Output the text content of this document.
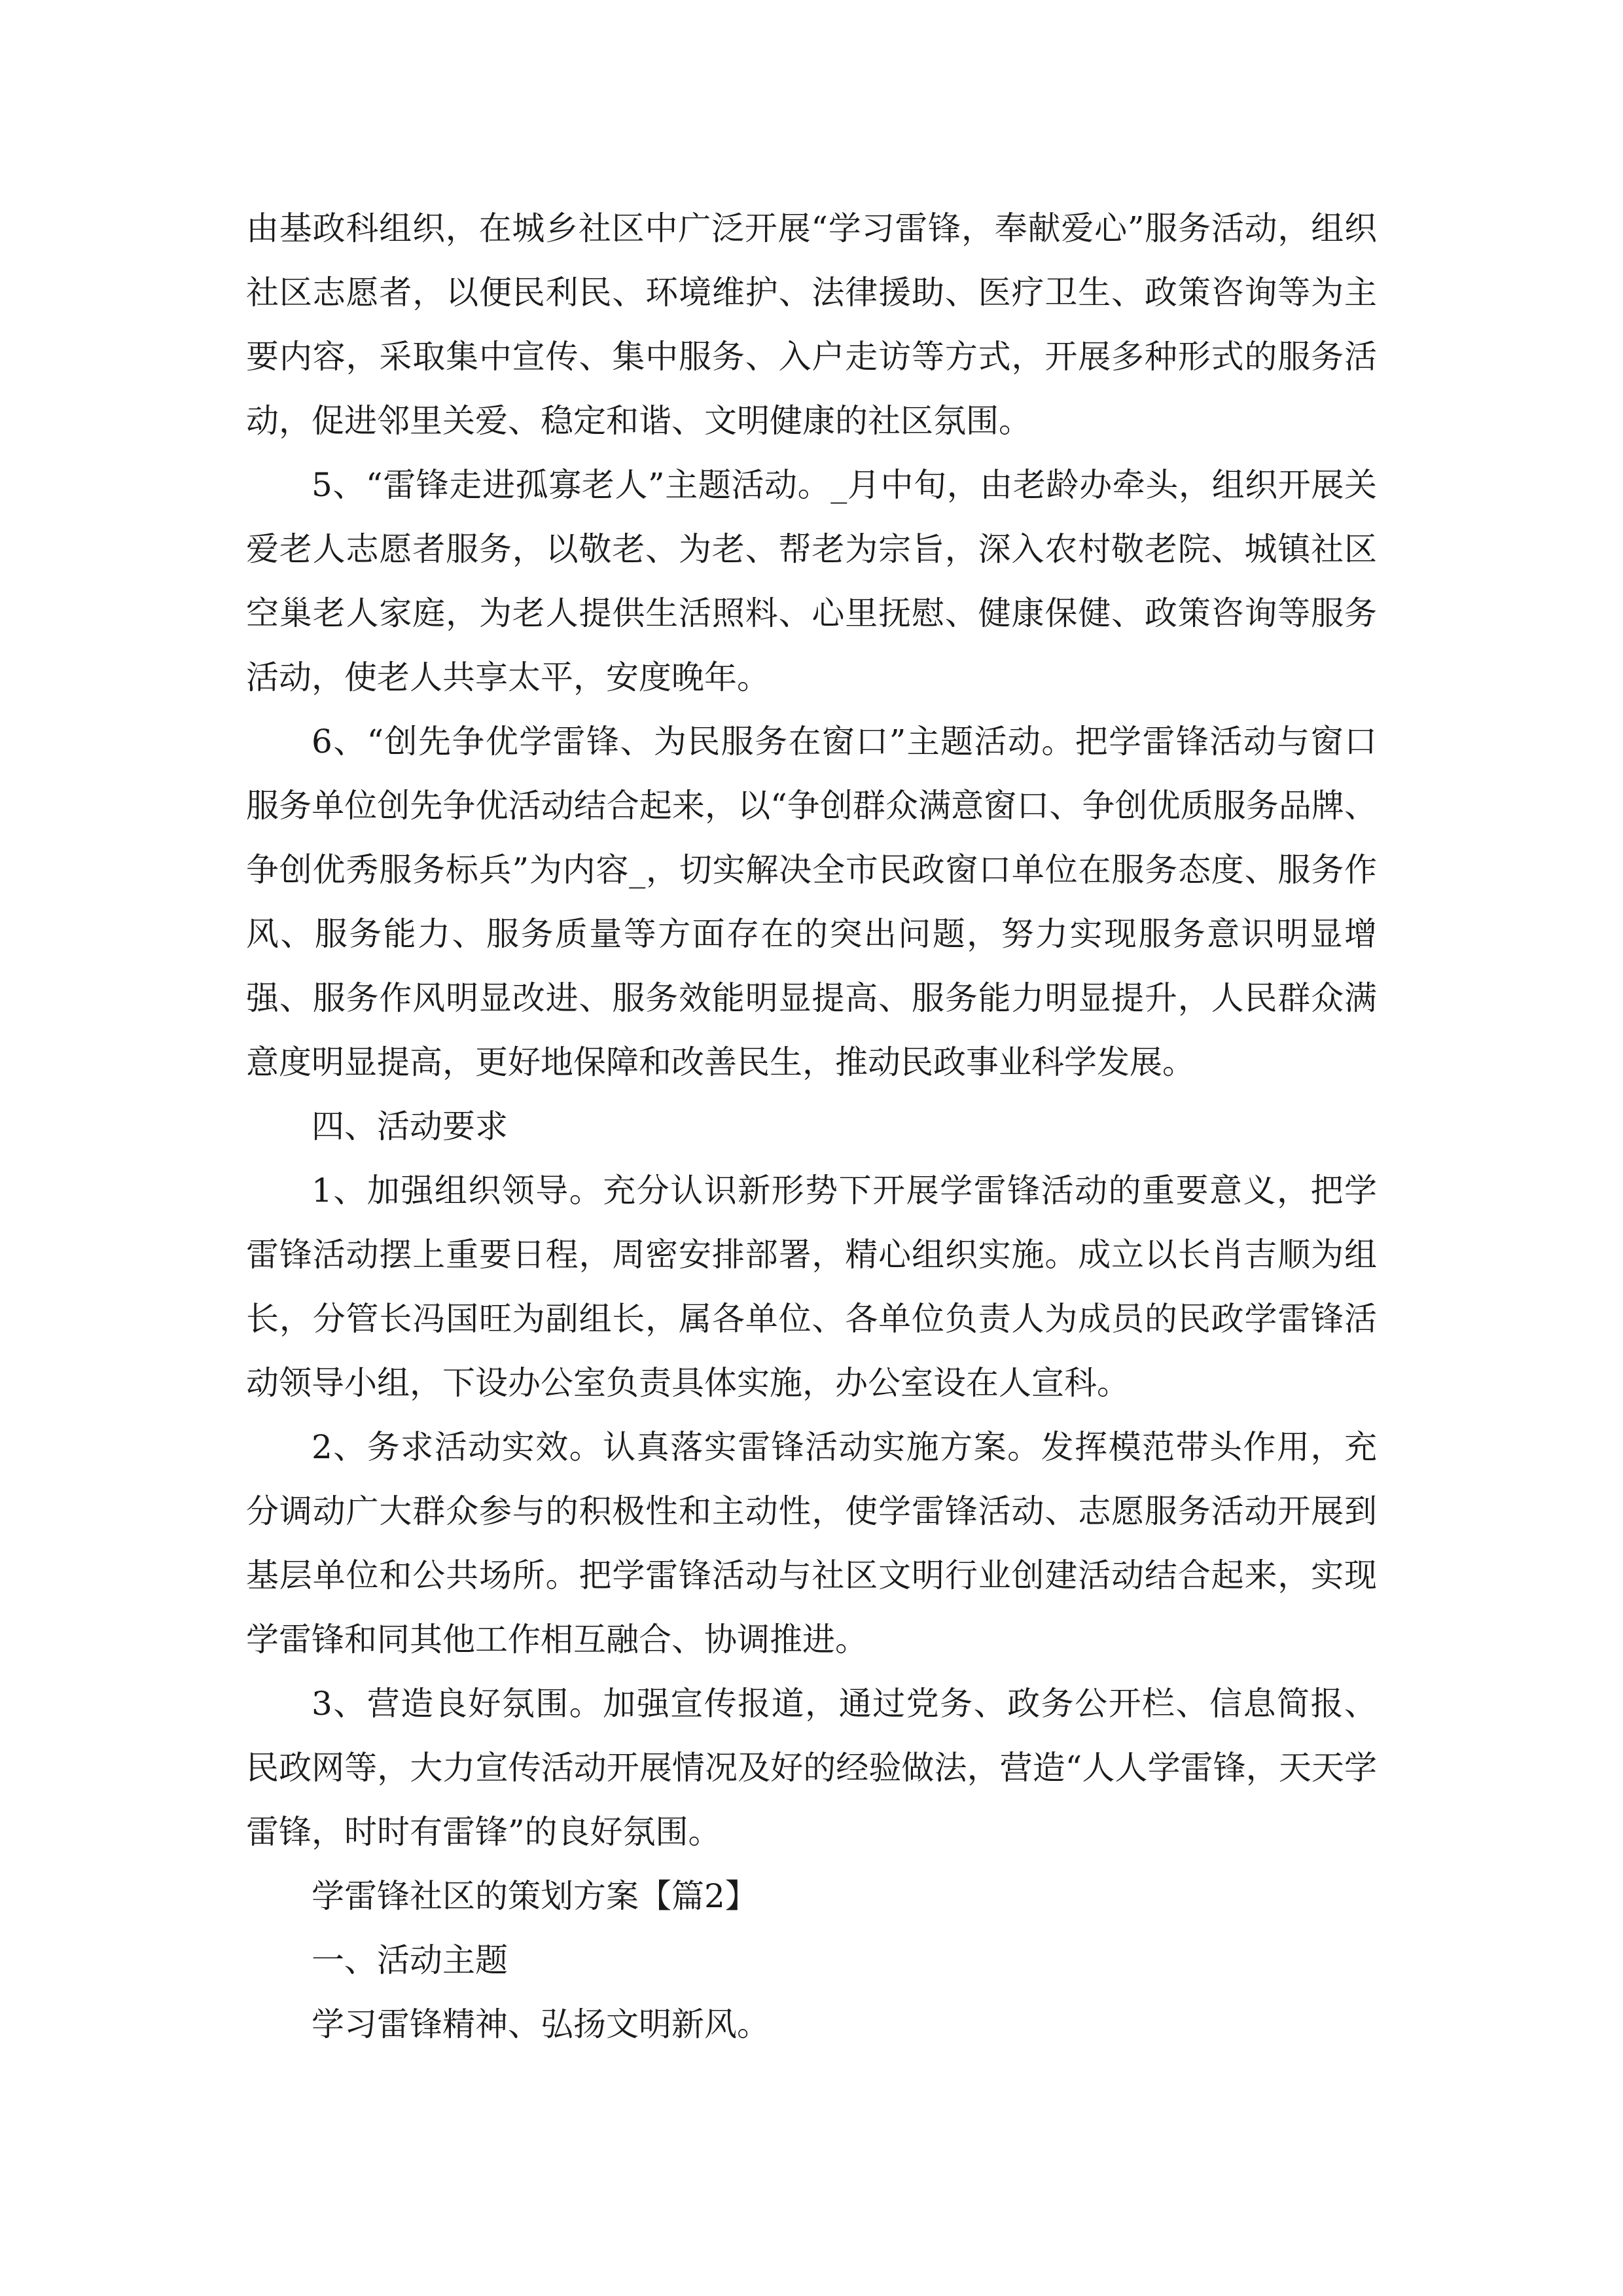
由基政科组织，在城乡社区中广泛开展“学习雷锋，奉献爱心”服务活动，组织社区志愿者，以便民利民、环境维护、法律援助、医疗卫生、政策咨询等为主要内容，采取集中宣传、集中服务、入户走访等方式，开展多种形式的服务活动，促进邻里关爱、稳定和谐、文明健康的社区氛围。

5、“雷锋走进孤寡老人”主题活动。_月中旬，由老龄办牵头，组织开展关爱老人志愿者服务，以敬老、为老、帮老为宗旨，深入农村敬老院、城镇社区空巢老人家庭，为老人提供生活照料、心里抚慰、健康保健、政策咨询等服务活动，使老人共享太平，安度晚年。

6、“创先争优学雷锋、为民服务在窗口”主题活动。把学雷锋活动与窗口服务单位创先争优活动结合起来，以“争创群众满意窗口、争创优质服务品牌、争创优秀服务标兵”为内容_，切实解决全市民政窗口单位在服务态度、服务作风、服务能力、服务质量等方面存在的突出问题，努力实现服务意识明显增强、服务作风明显改进、服务效能明显提高、服务能力明显提升，人民群众满意度明显提高，更好地保障和改善民生，推动民政事业科学发展。

四、活动要求

1、加强组织领导。充分认识新形势下开展学雷锋活动的重要意义，把学雷锋活动摆上重要日程，周密安排部署，精心组织实施。成立以长肖吉顺为组长，分管长冯国旺为副组长，属各单位、各单位负责人为成员的民政学雷锋活动领导小组，下设办公室负责具体实施，办公室设在人宣科。

2、务求活动实效。认真落实雷锋活动实施方案。发挥模范带头作用，充分调动广大群众参与的积极性和主动性，使学雷锋活动、志愿服务活动开展到基层单位和公共场所。把学雷锋活动与社区文明行业创建活动结合起来，实现学雷锋和同其他工作相互融合、协调推进。

3、营造良好氛围。加强宣传报道，通过党务、政务公开栏、信息简报、民政网等，大力宣传活动开展情况及好的经验做法，营造“人人学雷锋，天天学雷锋，时时有雷锋”的良好氛围。

学雷锋社区的策划方案【篇2】

一、活动主题

学习雷锋精神、弘扬文明新风。
